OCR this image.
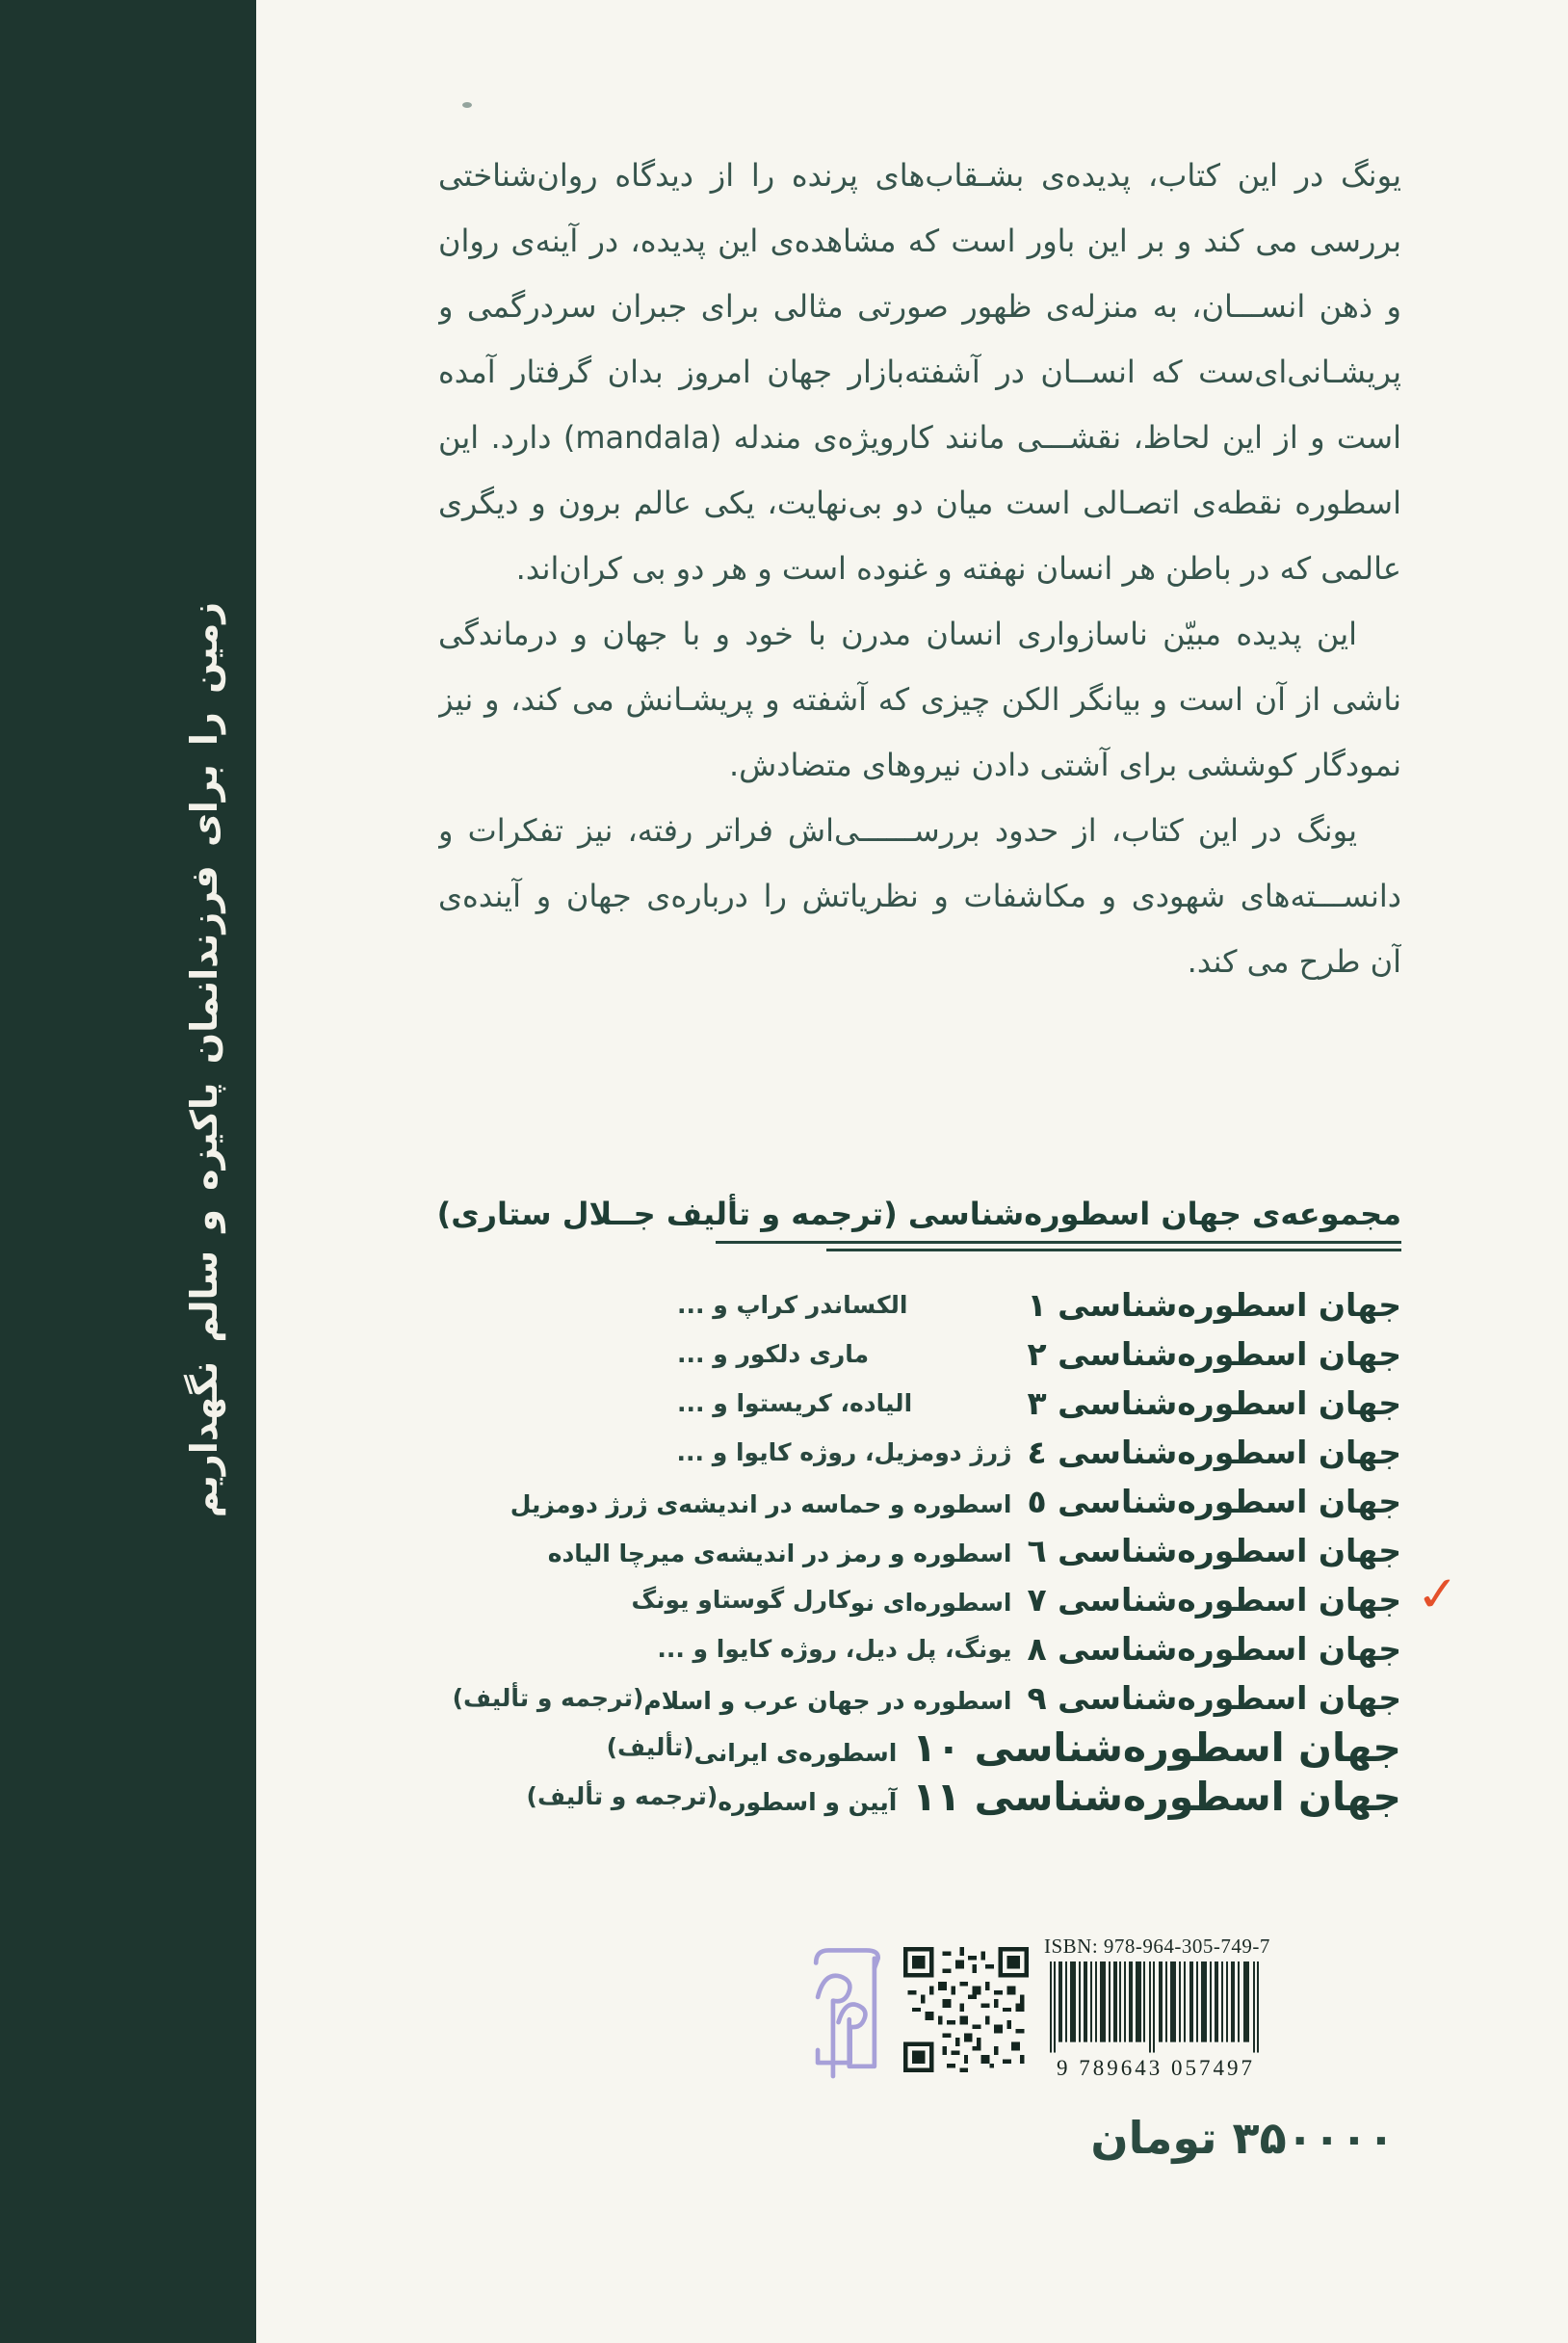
زمین را برای فرزندانمان پاکیزه و سالم نگهداریم
یونگ در این کتاب، پدیده‌ی بشـقاب‌های پرنده را از دیدگاه روان‌شناختی
بررسی می کند و بر این باور است که مشاهده‌ی این پدیده، در آینه‌ی روان
و ذهن انســـان، به منزله‌ی ظهور صورتی مثالی برای جبران سردرگمی و
پریشـانی‌ای‌ست که انســان در آشفته‌بازار جهان امروز بدان گرفتار آمده
است و از این لحاظ، نقشـــی مانند کارویژه‌ی مندله (mandala) دارد. این
اسطوره نقطه‌ی اتصـالی است میان دو بی‌نهایت، یکی عالم برون و دیگری
عالمی که در باطن هر انسان نهفته و غنوده است و هر دو بی کران‌اند.
این پدیده مبیّن ناسازواری انسان مدرن با خود و با جهان و درماندگی
ناشی از آن است و بیانگر الکن چیزی که آشفته و پریشـانش می کند، و نیز
نمودگار کوششی برای آشتی دادن نیروهای متضادش.
یونگ در این کتاب، از حدود بررســــــی‌اش فراتر رفته، نیز تفکرات و
دانســـته‌های شهودی و مکاشفات و نظریاتش را درباره‌ی جهان و آینده‌ی
آن طرح می کند.
مجموعه‌ی جهان اسطوره‌شناسی (ترجمه و تألیف جــلال ستاری)
جهان اسطوره‌شناسی ۱
الکساندر کراپ و ...
جهان اسطوره‌شناسی ۲
ماری دلکور و ...
جهان اسطوره‌شناسی ۳
الیاده، کریستوا و ...
جهان اسطوره‌شناسی ٤
ژرژ دومزیل، روژه کایوا و ...
جهان اسطوره‌شناسی ٥
اسطوره و حماسه در اندیشه‌ی ژرژ دومزیل
جهان اسطوره‌شناسی ٦
اسطوره و رمز در اندیشه‌ی میرچا الیاده
✓
جهان اسطوره‌شناسی ۷
اسطوره‌ای نو
کارل گوستاو یونگ
جهان اسطوره‌شناسی ۸
یونگ، پل دیل، روژه کایوا و ...
جهان اسطوره‌شناسی ۹
اسطوره در جهان عرب و اسلام
(ترجمه و تألیف)
جهان اسطوره‌شناسی ۱۰
اسطوره‌ی ایرانی
(تألیف)
جهان اسطوره‌شناسی ۱۱
آیین و اسطوره
(ترجمه و تألیف)
ISBN: 978-964-305-749-7
9 789643 057497
۳۵۰۰۰۰ تومان
